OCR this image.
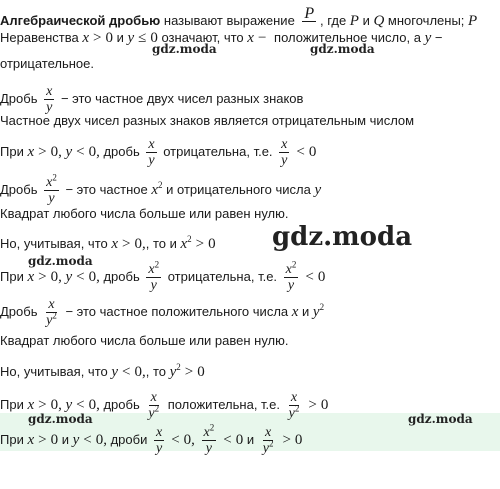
Алгебраической дробью называют выражение P , где P и Q многочлены; P
Неравенства x > 0 и y ≤ 0 означают, что x − положительное число, а y −
отрицательное.
Дробь $\frac{x}{y}$ − это частное двух чисел разных знаков
Частное двух чисел разных знаков является отрицательным числом
При x > 0, y < 0, дробь $\frac{x}{y}$ отрицательна, т.е. $\frac{x}{y} < 0$
Дробь $\frac{x^2}{y}$ − это частное $x^2$ и отрицательного числа y
Квадрат любого числа больше или равен нулю.
Но, учитывая, что x > 0,, то и $x^2 > 0$
При x > 0, y < 0, дробь $\frac{x^2}{y}$ отрицательна, т.е. $\frac{x^2}{y} < 0$
Дробь $\frac{x}{y^2}$ − это частное положительного числа x и $y^2$
Квадрат любого числа больше или равен нулю.
Но, учитывая, что y < 0,, то $y^2 > 0$
При x > 0, y < 0, дробь $\frac{x}{y^2}$ положительна, т.е. $\frac{x}{y^2} > 0$
При x > 0 и y < 0, дроби $\frac{x}{y} < 0$, $\frac{x^2}{y} < 0$ и $\frac{x}{y^2} > 0$
gdz.moda	gdz.moda
gdz.moda
gdz.moda
gdz.moda	gdz.moda
